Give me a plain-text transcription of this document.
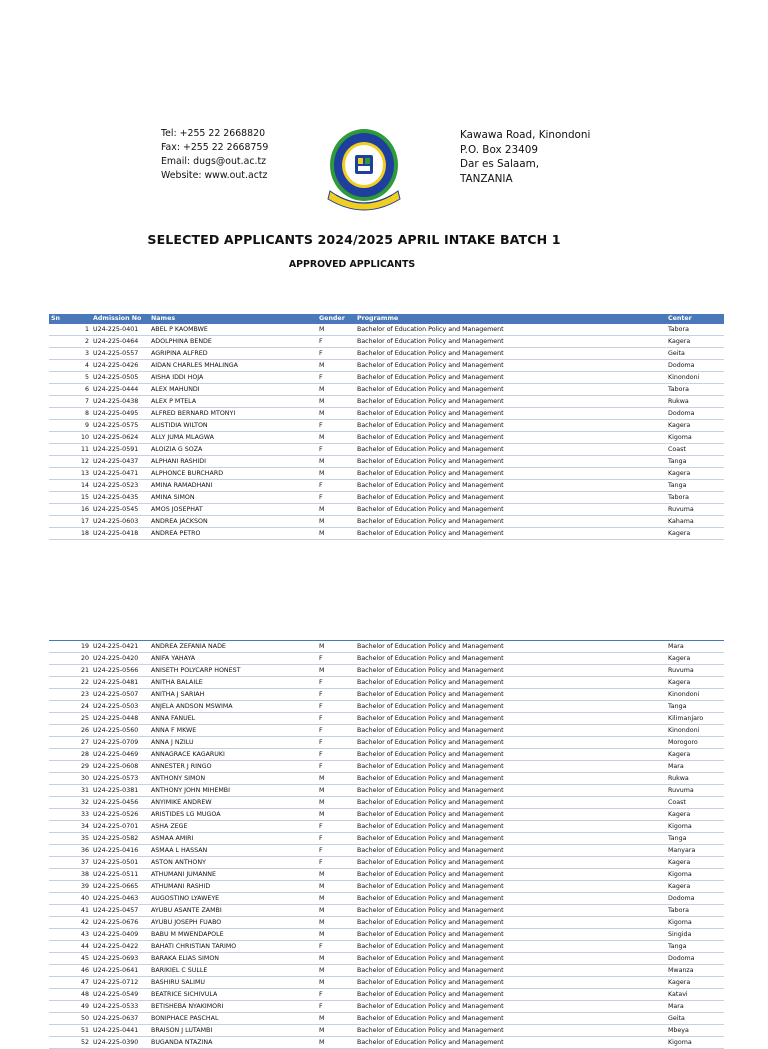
Tel: +255 22 2668820
Fax: +255 22 2668759
Email: dugs@out.ac.tz
Website: www.out.actz
Kawawa Road, Kinondoni
P.O. Box 23409
Dar es Salaam,
TANZANIA
SELECTED APPLICANTS 2024/2025 APRIL INTAKE BATCH 1
APPROVED APPLICANTS
Sn	Admission No	Names	Gender	Programme	Center
1	U24-225-0401	ABEL P KAOMBWE	M	Bachelor of Education Policy and Management	Tabora
2	U24-225-0464	ADOLPHINA BENDE	F	Bachelor of Education Policy and Management	Kagera
3	U24-225-0557	AGRIPINA ALFRED	F	Bachelor of Education Policy and Management	Geita
4	U24-225-0426	AIDAN CHARLES MHALINGA	M	Bachelor of Education Policy and Management	Dodoma
5	U24-225-0505	AISHA IDDI HOJA	F	Bachelor of Education Policy and Management	Kinondoni
6	U24-225-0444	ALEX MAHUNDI	M	Bachelor of Education Policy and Management	Tabora
7	U24-225-0438	ALEX P MTELA	M	Bachelor of Education Policy and Management	Rukwa
8	U24-225-0495	ALFRED BERNARD MTONYI	M	Bachelor of Education Policy and Management	Dodoma
9	U24-225-0575	ALISTIDIA WILTON	F	Bachelor of Education Policy and Management	Kagera
10	U24-225-0624	ALLY JUMA MLAGWA	M	Bachelor of Education Policy and Management	Kigoma
11	U24-225-0591	ALOIZIA G SOZA	F	Bachelor of Education Policy and Management	Coast
12	U24-225-0437	ALPHANI RASHIDI	M	Bachelor of Education Policy and Management	Tanga
13	U24-225-0471	ALPHONCE BURCHARD	M	Bachelor of Education Policy and Management	Kagera
14	U24-225-0523	AMINA RAMADHANI	F	Bachelor of Education Policy and Management	Tanga
15	U24-225-0435	AMINA SIMON	F	Bachelor of Education Policy and Management	Tabora
16	U24-225-0545	AMOS JOSEPHAT	M	Bachelor of Education Policy and Management	Ruvuma
17	U24-225-0603	ANDREA JACKSON	M	Bachelor of Education Policy and Management	Kahama
18	U24-225-0418	ANDREA PETRO	M	Bachelor of Education Policy and Management	Kagera
19	U24-225-0421	ANDREA ZEFANIA NADE	M	Bachelor of Education Policy and Management	Mara
20	U24-225-0420	ANIFA YAHAYA	F	Bachelor of Education Policy and Management	Kagera
21	U24-225-0566	ANISETH POLYCARP HONEST	M	Bachelor of Education Policy and Management	Ruvuma
22	U24-225-0481	ANITHA BALAILE	F	Bachelor of Education Policy and Management	Kagera
23	U24-225-0507	ANITHA J SARIAH	F	Bachelor of Education Policy and Management	Kinondoni
24	U24-225-0503	ANJELA ANDSON MSWIMA	F	Bachelor of Education Policy and Management	Tanga
25	U24-225-0448	ANNA FANUEL	F	Bachelor of Education Policy and Management	Kilimanjaro
26	U24-225-0560	ANNA F MKWE	F	Bachelor of Education Policy and Management	Kinondoni
27	U24-225-0709	ANNA J NZILU	F	Bachelor of Education Policy and Management	Morogoro
28	U24-225-0469	ANNAGRACE KAGARUKI	F	Bachelor of Education Policy and Management	Kagera
29	U24-225-0608	ANNESTER J RINGO	F	Bachelor of Education Policy and Management	Mara
30	U24-225-0573	ANTHONY SIMON	M	Bachelor of Education Policy and Management	Rukwa
31	U24-225-0381	ANTHONY JOHN MIHEMBI	M	Bachelor of Education Policy and Management	Ruvuma
32	U24-225-0456	ANYIMIKE ANDREW	M	Bachelor of Education Policy and Management	Coast
33	U24-225-0526	ARISTIDES LG MUGOA	M	Bachelor of Education Policy and Management	Kagera
34	U24-225-0701	ASHA ZEGE	F	Bachelor of Education Policy and Management	Kigoma
35	U24-225-0582	ASMAA AMIRI	F	Bachelor of Education Policy and Management	Tanga
36	U24-225-0416	ASMAA L HASSAN	F	Bachelor of Education Policy and Management	Manyara
37	U24-225-0501	ASTON ANTHONY	F	Bachelor of Education Policy and Management	Kagera
38	U24-225-0511	ATHUMANI JUMANNE	M	Bachelor of Education Policy and Management	Kigoma
39	U24-225-0665	ATHUMANI RASHID	M	Bachelor of Education Policy and Management	Kagera
40	U24-225-0463	AUGOSTINO LYAWEYE	M	Bachelor of Education Policy and Management	Dodoma
41	U24-225-0457	AYUBU ASANTE ZAMBI	M	Bachelor of Education Policy and Management	Tabora
42	U24-225-0676	AYUBU JOSEPH FUABO	M	Bachelor of Education Policy and Management	Kigoma
43	U24-225-0409	BABU M MWENDAPOLE	M	Bachelor of Education Policy and Management	Singida
44	U24-225-0422	BAHATI CHRISTIAN TARIMO	F	Bachelor of Education Policy and Management	Tanga
45	U24-225-0693	BARAKA ELIAS SIMON	M	Bachelor of Education Policy and Management	Dodoma
46	U24-225-0641	BARIKIEL C SULLE	M	Bachelor of Education Policy and Management	Mwanza
47	U24-225-0712	BASHIRU SALIMU	M	Bachelor of Education Policy and Management	Kagera
48	U24-225-0549	BEATRICE SICHIVULA	F	Bachelor of Education Policy and Management	Katavi
49	U24-225-0533	BETISHEBA NYAKIMORI	F	Bachelor of Education Policy and Management	Mara
50	U24-225-0637	BONIPHACE PASCHAL	M	Bachelor of Education Policy and Management	Geita
51	U24-225-0441	BRAISON J LUTAMBI	M	Bachelor of Education Policy and Management	Mbeya
52	U24-225-0390	BUGANDA NTAZINA	M	Bachelor of Education Policy and Management	Kigoma
